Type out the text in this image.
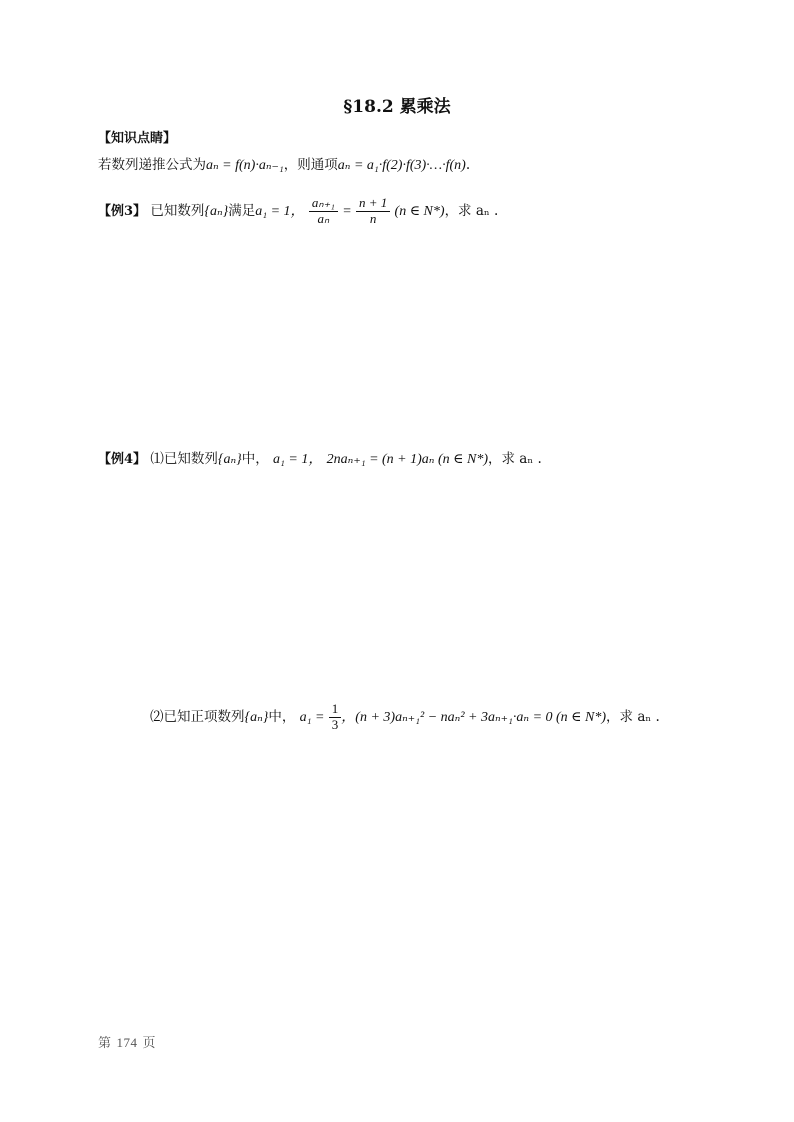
§18.2 累乘法
【知识点睛】
若数列递推公式为aₙ = f(n)·aₙ₋₁，则通项aₙ = a₁·f(2)·f(3)·…·f(n).
【例3】 已知数列{aₙ}满足a₁ = 1， $\frac{\text{aₙ₊₁}}{\text{aₙ}} = \frac{n + 1}{n} (n$ ∈ N*)，求 aₙ .
【例4】 ⑴已知数列{aₙ}中， a₁ = 1， 2naₙ₊₁ = (n + 1)aₙ (n ∈ N*)，求 aₙ .
⑵已知正项数列{aₙ}中， $a_1 = \frac{1}{3}$ ，(n + 3)aₙ₊₁² − naₙ² + 3aₙ₊₁·aₙ = 0 (n ∈ N*)，求 aₙ .
第 174 页
